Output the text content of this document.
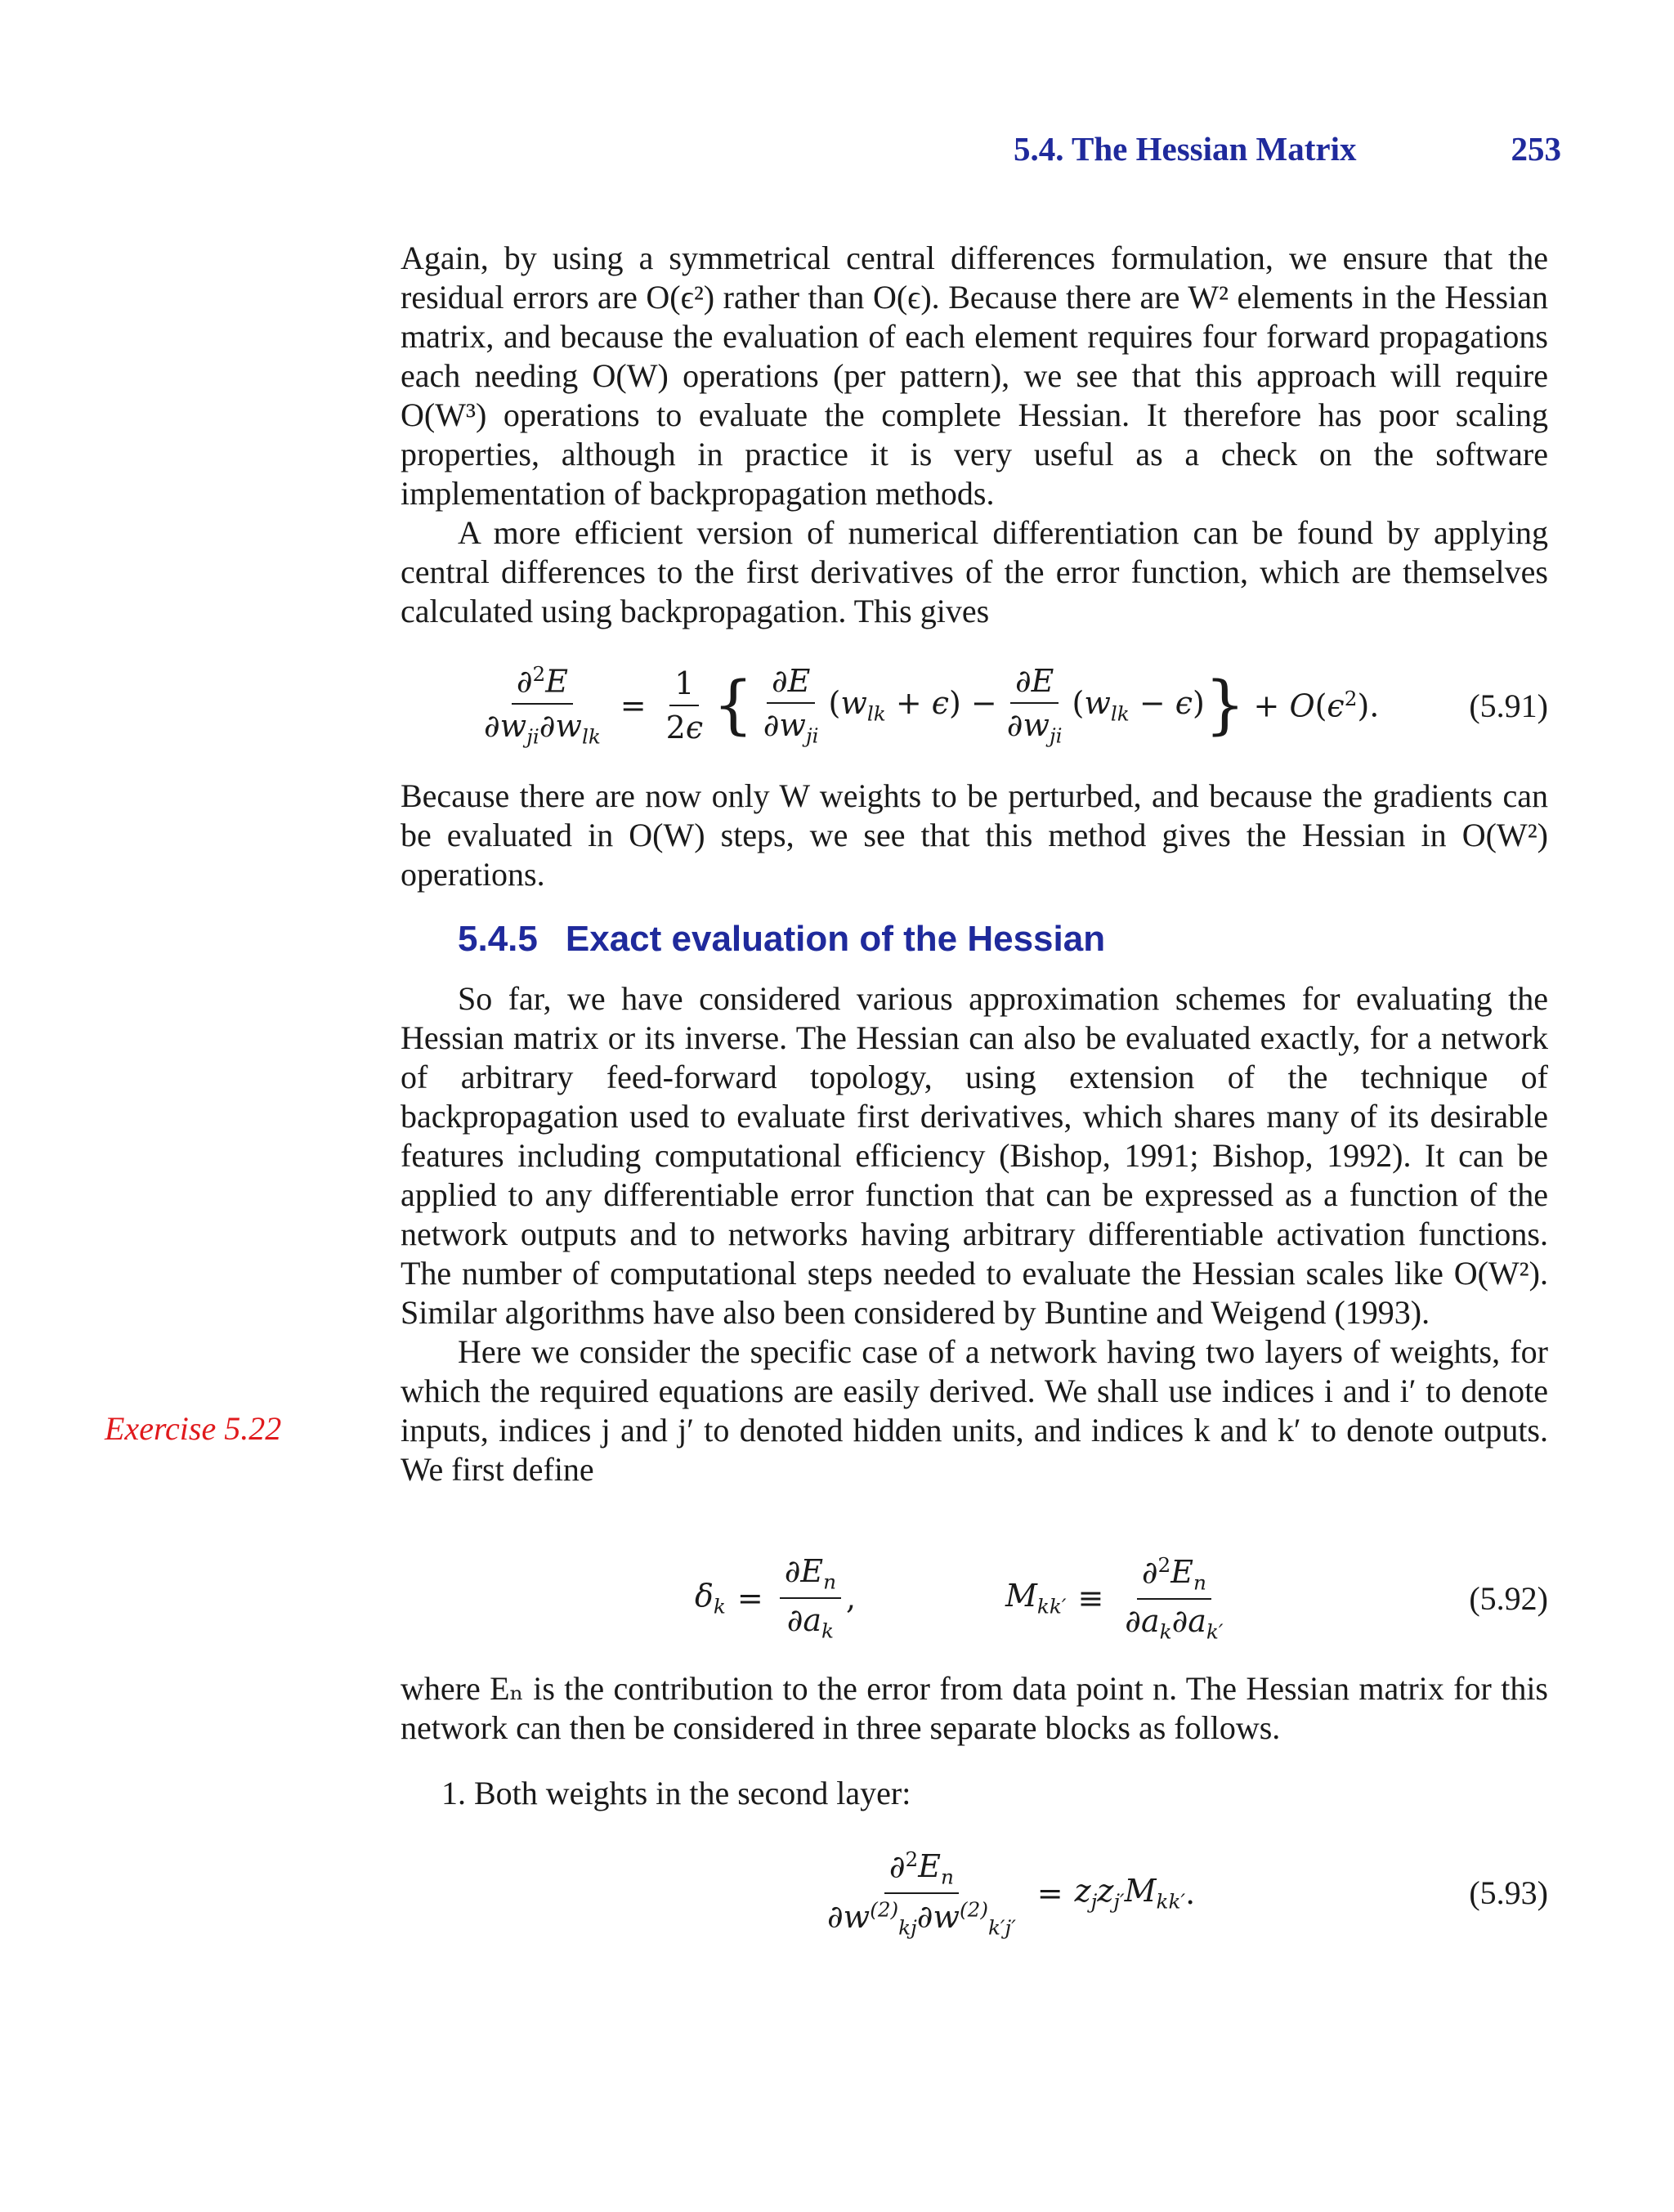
5.4. The Hessian Matrix	253

Again, by using a symmetrical central differences formulation, we ensure that the residual errors are O(ϵ²) rather than O(ϵ). Because there are W² elements in the Hessian matrix, and because the evaluation of each element requires four forward propagations each needing O(W) operations (per pattern), we see that this approach will require O(W³) operations to evaluate the complete Hessian. It therefore has poor scaling properties, although in practice it is very useful as a check on the software implementation of backpropagation methods.

A more efficient version of numerical differentiation can be found by applying central differences to the first derivatives of the error function, which are themselves calculated using backpropagation. This gives

$\frac{\partial^2E}{\partial w_{ji}\partial w_{lk}} = \frac{1}{2\epsilon}$ { $\frac{\partial E}{\partial w_{ji}} (w_{lk} + \epsilon) - \frac{\partial E}{\partial w_{ji}} (w_{lk} - \epsilon)$ } + $O(\epsilon^2)$.	(5.91)

Because there are now only W weights to be perturbed, and because the gradients can be evaluated in O(W) steps, we see that this method gives the Hessian in O(W²) operations.

5.4.5 Exact evaluation of the Hessian

So far, we have considered various approximation schemes for evaluating the Hessian matrix or its inverse. The Hessian can also be evaluated exactly, for a network of arbitrary feed-forward topology, using extension of the technique of backpropagation used to evaluate first derivatives, which shares many of its desirable features including computational efficiency (Bishop, 1991; Bishop, 1992). It can be applied to any differentiable error function that can be expressed as a function of the network outputs and to networks having arbitrary differentiable activation functions. The number of computational steps needed to evaluate the Hessian scales like O(W²). Similar algorithms have also been considered by Buntine and Weigend (1993).

Here we consider the specific case of a network having two layers of weights, for which the required equations are easily derived. We shall use indices i and i′ to denote inputs, indices j and j′ to denoted hidden units, and indices k and k′ to denote outputs. We first define

Exercise 5.22
$\delta_k = \frac{\partial E_n}{\partial a_k}$ ,	$M_{kk'} \equiv \frac{\partial^2E_n}{\partial a_k\partial a_{k'}}$	(5.92)

where Eₙ is the contribution to the error from data point n. The Hessian matrix for this network can then be considered in three separate blocks as follows.

1. Both weights in the second layer:
$\frac{\partial^2E_n}{\partial w^{(2)}_{kj}\partial w^{(2)}_{k'j'}} = z_jz_{j'}M_{kk'}$ .	(5.93)
